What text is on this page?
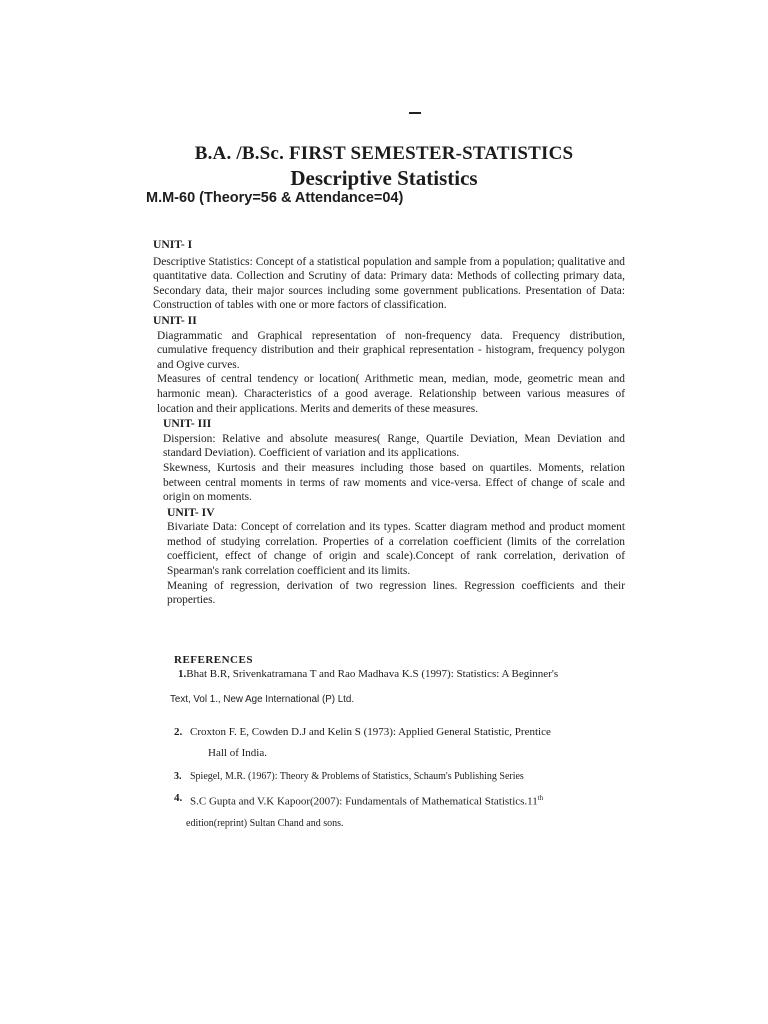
B.A. /B.Sc. FIRST SEMESTER-STATISTICS
Descriptive Statistics
M.M-60 (Theory=56 & Attendance=04)
UNIT- I
Descriptive Statistics: Concept of a statistical population and sample from a population; qualitative and quantitative data. Collection and Scrutiny of data: Primary data: Methods of collecting primary data, Secondary data, their major sources including some government publications. Presentation of Data: Construction of tables with one or more factors of classification.
UNIT- II
Diagrammatic and Graphical representation of non-frequency data. Frequency distribution, cumulative frequency distribution and their graphical representation - histogram, frequency polygon and Ogive curves.
Measures of central tendency or location( Arithmetic mean, median, mode, geometric mean and harmonic mean). Characteristics of a good average. Relationship between various measures of location and their applications. Merits and demerits of these measures.
UNIT- III
Dispersion: Relative and absolute measures( Range, Quartile Deviation, Mean Deviation and standard Deviation). Coefficient of variation and its applications.
Skewness, Kurtosis and their measures including those based on quartiles. Moments, relation between central moments in terms of raw moments and vice-versa. Effect of change of scale and origin on moments.
UNIT- IV
Bivariate Data: Concept of correlation and its types. Scatter diagram method and product moment method of studying correlation. Properties of a correlation coefficient (limits of the correlation coefficient, effect of change of origin and scale).Concept of rank correlation, derivation of Spearman's rank correlation coefficient and its limits.
Meaning of regression, derivation of two regression lines. Regression coefficients and their properties.
REFERENCES
1.Bhat B.R, Srivenkatramana T and Rao Madhava K.S (1997): Statistics: A Beginner's
Text, Vol 1., New Age International (P) Ltd.
2. Croxton F. E, Cowden D.J and Kelin S (1973): Applied General Statistic, Prentice
Hall of India.
3. Spiegel, M.R. (1967): Theory & Problems of Statistics, Schaum's Publishing Series
4. S.C Gupta and V.K Kapoor(2007): Fundamentals of Mathematical Statistics.11th
edition(reprint) Sultan Chand and sons.
